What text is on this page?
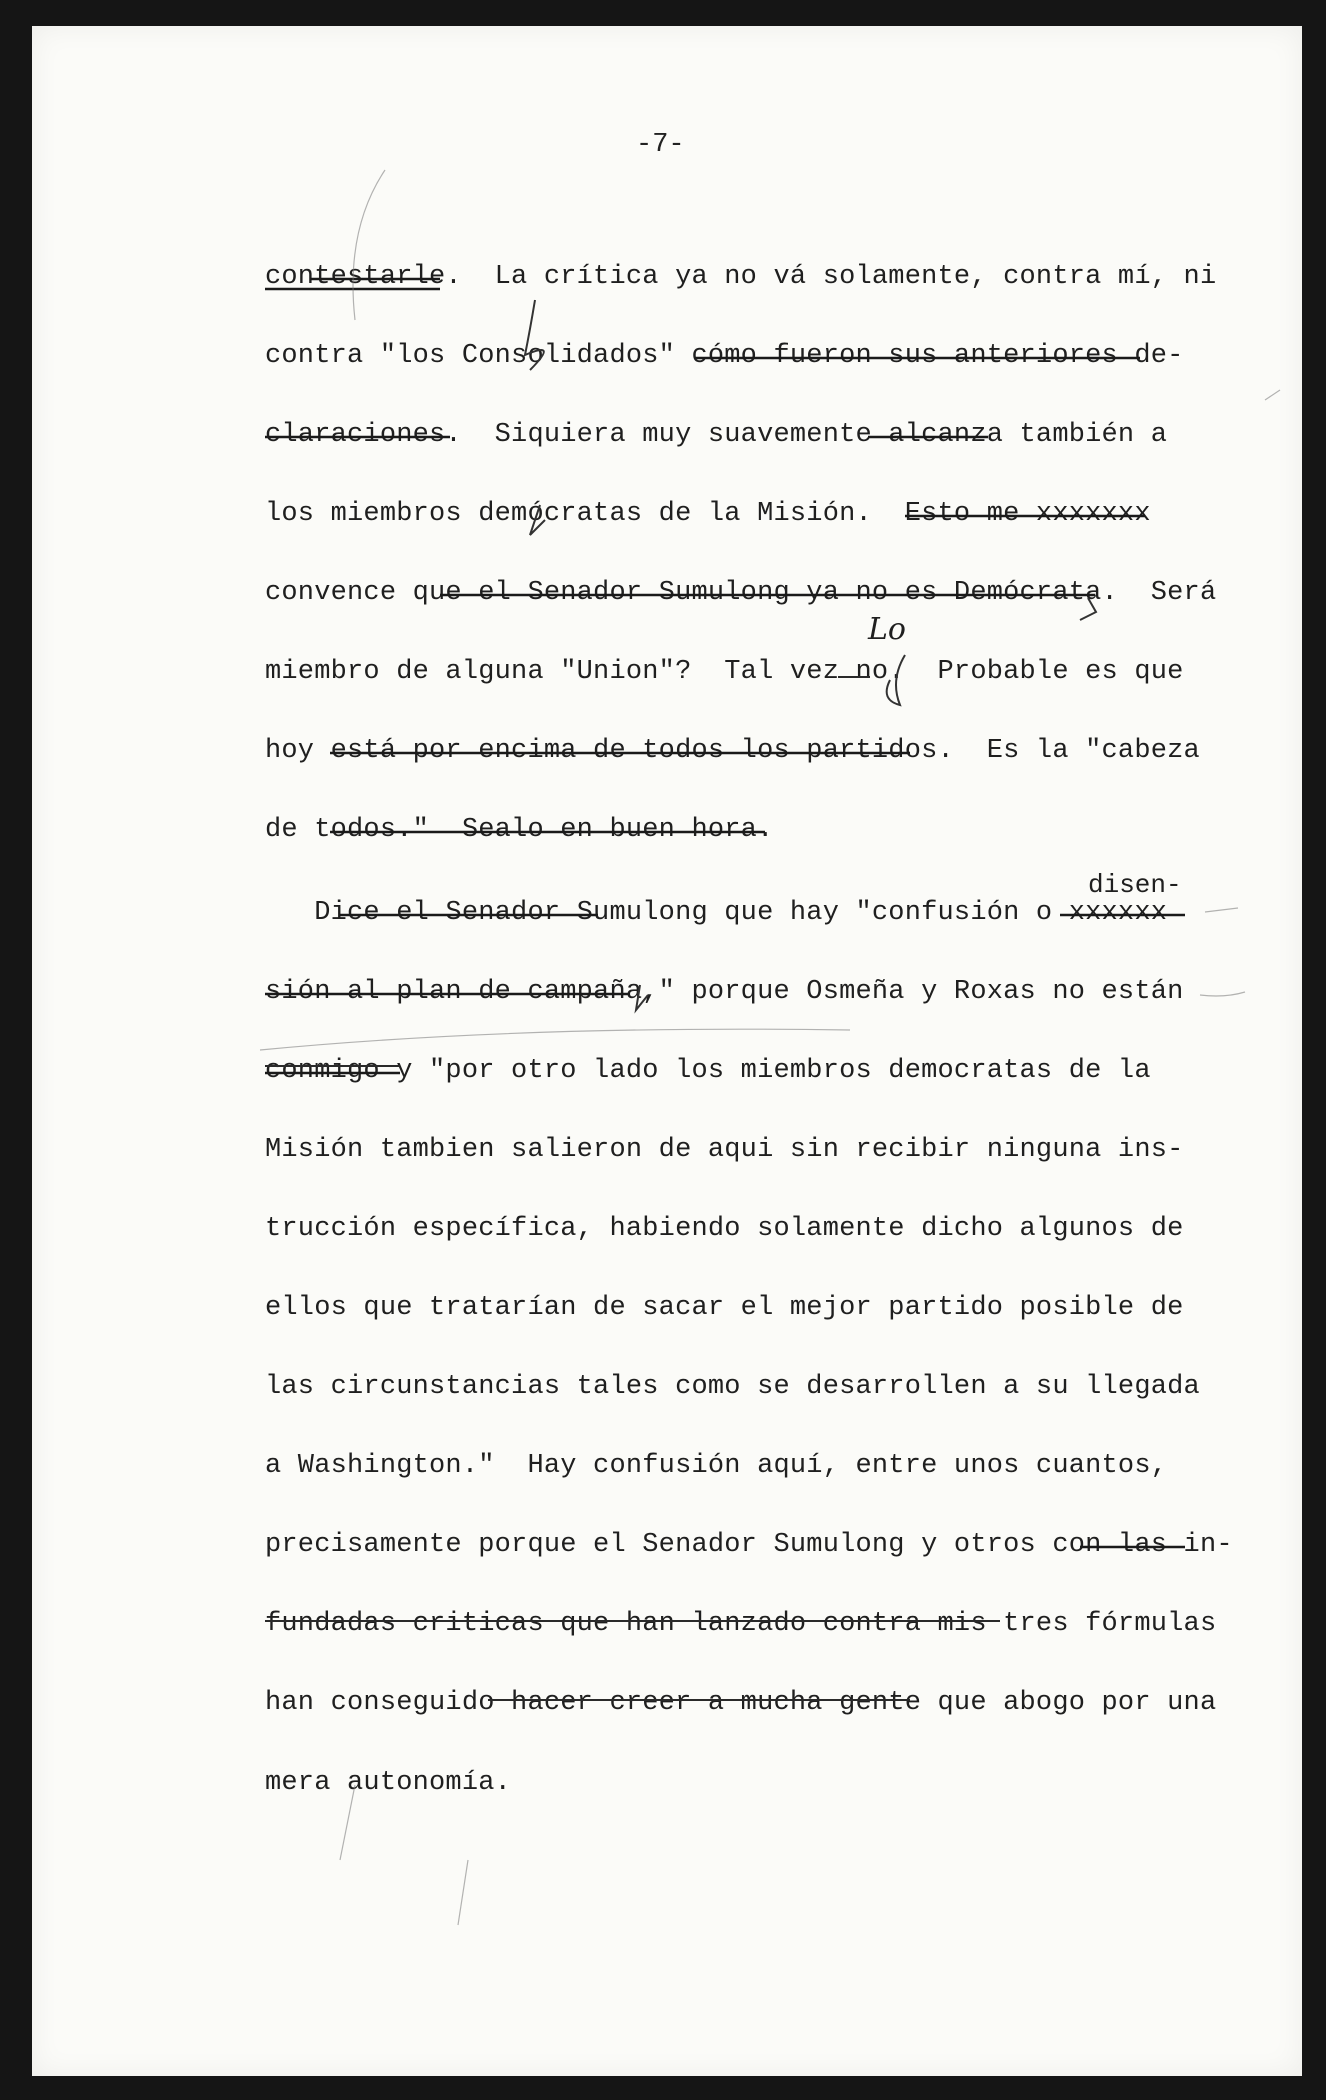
-7-
contestarle.  La crítica ya no vá solamente, contra mí, ni
contra "los Consolidados" cómo fueron sus anteriores de-
claraciones.  Siquiera muy suavemente alcanza también a
los miembros demócratas de la Misión.  Esto me xxxxxxx
convence que el Senador Sumulong ya no es Demócrata.  Será
miembro de alguna "Union"?  Tal vez no.  Probable es que
hoy está por encima de todos los partidos.  Es la "cabeza
de todos."  Sealo en buen hora.
Dice el Senador Sumulong que hay "confusión o xxxxxx
sión al plan de campaña," porque Osmeña y Roxas no están
conmigo y "por otro lado los miembros democratas de la
Misión tambien salieron de aqui sin recibir ninguna ins-
trucción específica, habiendo solamente dicho algunos de
ellos que tratarían de sacar el mejor partido posible de
las circunstancias tales como se desarrollen a su llegada
a Washington."  Hay confusión aquí, entre unos cuantos,
precisamente porque el Senador Sumulong y otros con las in-
fundadas criticas que han lanzado contra mis tres fórmulas
han conseguido hacer creer a mucha gente que abogo por una
mera autonomía.
disen-
Lo
